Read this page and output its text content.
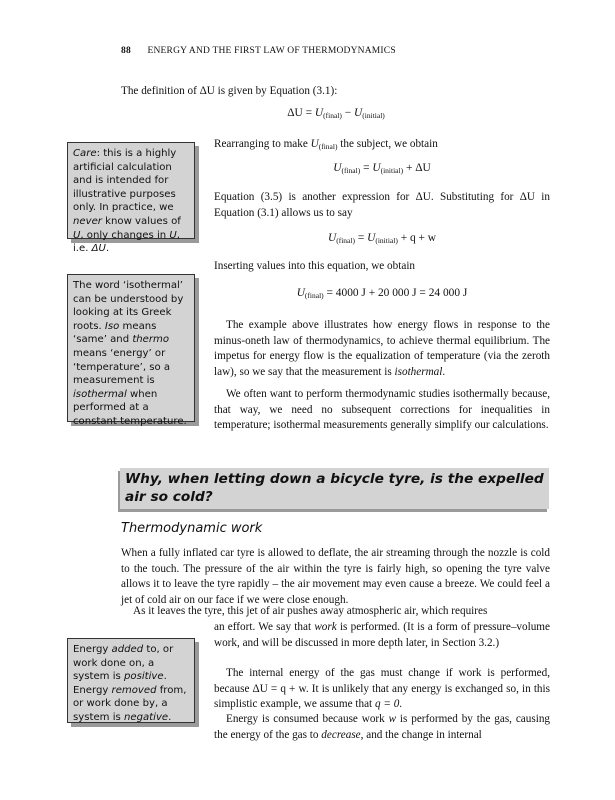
88 ENERGY AND THE FIRST LAW OF THERMODYNAMICS
The definition of ΔU is given by Equation (3.1):
$\Delta U = U_{(final)} - U_{(initial)}$
Care: this is a highly artificial calculation and is intended for illustrative purposes only. In practice, we never know values of U, only changes in U, i.e. ΔU.
Rearranging to make $U_{(final)}$ the subject, we obtain
$U_{(final)} = U_{(initial)} + \Delta U$
Equation (3.5) is another expression for ΔU. Substituting for ΔU in Equation (3.1) allows us to say
$U_{(final)} = U_{(initial)} + q + w$
Inserting values into this equation, we obtain
The word ‘isothermal’ can be understood by looking at its Greek roots. Iso means ‘same’ and thermo means ‘energy’ or ‘temperature’, so a measurement is isothermal when performed at a constant temperature.
$U_{(final)} = 4000$ J + 20 000 J = 24 000 J
The example above illustrates how energy flows in response to the minus-oneth law of thermodynamics, to achieve thermal equilibrium. The impetus for energy flow is the equalization of temperature (via the zeroth law), so we say that the measurement is isothermal.
We often want to perform thermodynamic studies isothermally because, that way, we need no subsequent corrections for inequalities in temperature; isothermal measurements generally simplify our calculations.
Why, when letting down a bicycle tyre, is the expelled air so cold?
Thermodynamic work
When a fully inflated car tyre is allowed to deflate, the air streaming through the nozzle is cold to the touch. The pressure of the air within the tyre is fairly high, so opening the tyre valve allows it to leave the tyre rapidly – the air movement may even cause a breeze. We could feel a jet of cold air on our face if we were close enough.
As it leaves the tyre, this jet of air pushes away atmospheric air, which requires
an effort. We say that work is performed. (It is a form of pressure–volume work, and will be discussed in more depth later, in Section 3.2.)
Energy added to, or work done on, a system is positive. Energy removed from, or work done by, a system is negative.
The internal energy of the gas must change if work is performed, because ΔU = q + w. It is unlikely that any energy is exchanged so, in this simplistic example, we assume that q = 0.
Energy is consumed because work w is performed by the gas, causing the energy of the gas to decrease, and the change in internal
